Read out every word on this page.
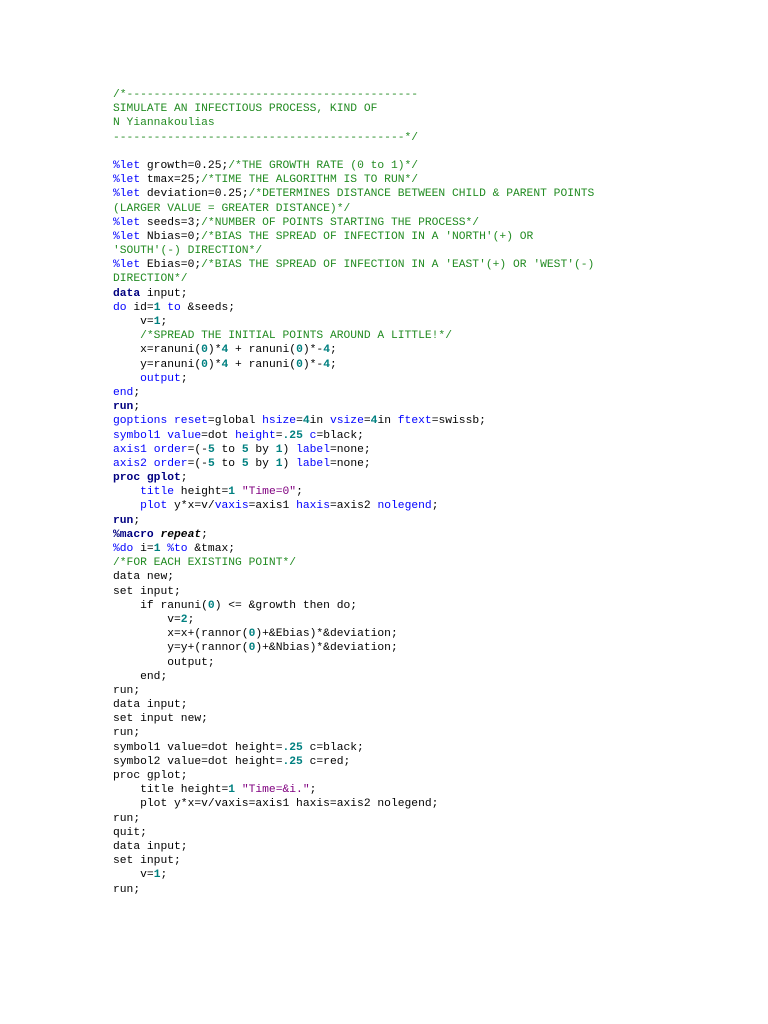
/*-------------------------------------------
SIMULATE AN INFECTIOUS PROCESS, KIND OF
N Yiannakoulias
-------------------------------------------*/
%let growth=0.25;/*THE GROWTH RATE (0 to 1)*/
%let tmax=25;/*TIME THE ALGORITHM IS TO RUN*/
%let deviation=0.25;/*DETERMINES DISTANCE BETWEEN CHILD & PARENT POINTS
(LARGER VALUE = GREATER DISTANCE)*/
%let seeds=3;/*NUMBER OF POINTS STARTING THE PROCESS*/
%let Nbias=0;/*BIAS THE SPREAD OF INFECTION IN A 'NORTH'(+) OR
'SOUTH'(-) DIRECTION*/
%let Ebias=0;/*BIAS THE SPREAD OF INFECTION IN A 'EAST'(+) OR 'WEST'(-)
DIRECTION*/
data input;
do id=1 to &seeds;
v=1;
/*SPREAD THE INITIAL POINTS AROUND A LITTLE!*/
x=ranuni(0)*4 + ranuni(0)*-4;
y=ranuni(0)*4 + ranuni(0)*-4;
output;
end;
run;
goptions reset=global hsize=4in vsize=4in ftext=swissb;
symbol1 value=dot height=.25 c=black;
axis1 order=(-5 to 5 by 1) label=none;
axis2 order=(-5 to 5 by 1) label=none;
proc gplot;
title height=1 "Time=0";
plot y*x=v/vaxis=axis1 haxis=axis2 nolegend;
run;
%macro repeat;
%do i=1 %to &tmax;
/*FOR EACH EXISTING POINT*/
data new;
set input;
if ranuni(0) <= &growth then do;
v=2;
x=x+(rannor(0)+&Ebias)*&deviation;
y=y+(rannor(0)+&Nbias)*&deviation;
output;
end;
run;
data input;
set input new;
run;
symbol1 value=dot height=.25 c=black;
symbol2 value=dot height=.25 c=red;
proc gplot;
title height=1 "Time=&i.";
plot y*x=v/vaxis=axis1 haxis=axis2 nolegend;
run;
quit;
data input;
set input;
v=1;
run;
